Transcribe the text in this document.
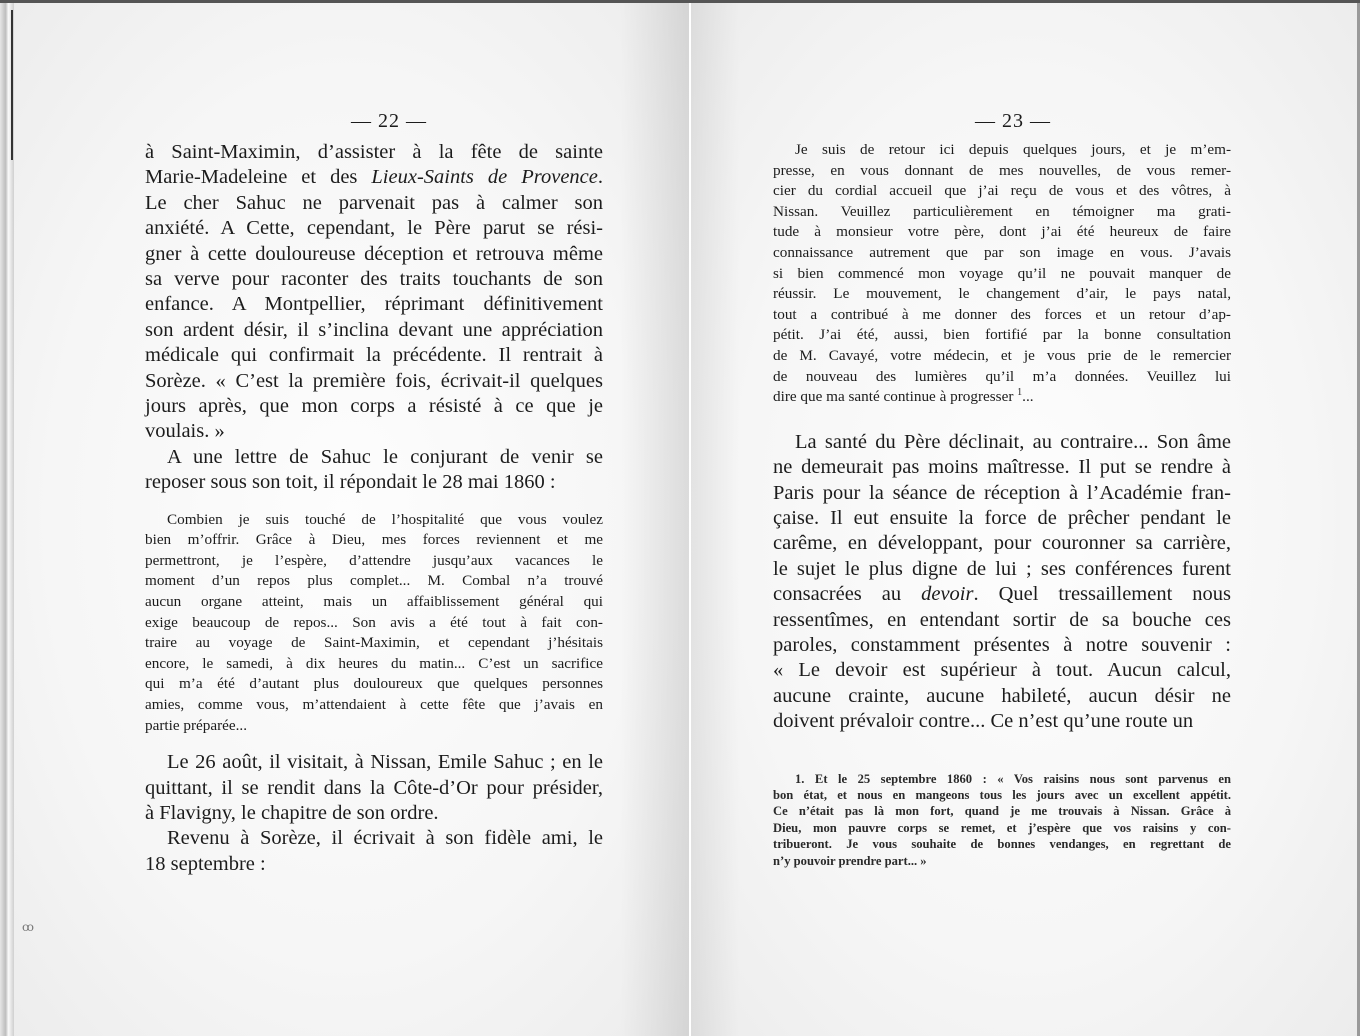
ꝏ
— 22 —
à Saint-Maximin, d’assister à la fête de sainte
Marie-Madeleine et des Lieux-Saints de Provence.
Le cher Sahuc ne parvenait pas à calmer son
anxiété. A Cette, cependant, le Père parut se rési-
gner à cette douloureuse déception et retrouva même
sa verve pour raconter des traits touchants de son
enfance. A Montpellier, réprimant définitivement
son ardent désir, il s’inclina devant une appréciation
médicale qui confirmait la précédente. Il rentrait à
Sorèze. « C’est la première fois, écrivait-il quelques
jours après, que mon corps a résisté à ce que je
voulais. »
A une lettre de Sahuc le conjurant de venir se
reposer sous son toit, il répondait le 28 mai 1860 :
Combien je suis touché de l’hospitalité que vous voulez
bien m’offrir. Grâce à Dieu, mes forces reviennent et me
permettront, je l’espère, d’attendre jusqu’aux vacances le
moment d’un repos plus complet... M. Combal n’a trouvé
aucun organe atteint, mais un affaiblissement général qui
exige beaucoup de repos... Son avis a été tout à fait con-
traire au voyage de Saint-Maximin, et cependant j’hésitais
encore, le samedi, à dix heures du matin... C’est un sacrifice
qui m’a été d’autant plus douloureux que quelques personnes
amies, comme vous, m’attendaient à cette fête que j’avais en
partie préparée...
Le 26 août, il visitait, à Nissan, Emile Sahuc ; en le
quittant, il se rendit dans la Côte-d’Or pour présider,
à Flavigny, le chapitre de son ordre.
Revenu à Sorèze, il écrivait à son fidèle ami, le
18 septembre :
— 23 —
Je suis de retour ici depuis quelques jours, et je m’em-
presse, en vous donnant de mes nouvelles, de vous remer-
cier du cordial accueil que j’ai reçu de vous et des vôtres, à
Nissan. Veuillez particulièrement en témoigner ma grati-
tude à monsieur votre père, dont j’ai été heureux de faire
connaissance autrement que par son image en vous. J’avais
si bien commencé mon voyage qu’il ne pouvait manquer de
réussir. Le mouvement, le changement d’air, le pays natal,
tout a contribué à me donner des forces et un retour d’ap-
pétit. J’ai été, aussi, bien fortifié par la bonne consultation
de M. Cavayé, votre médecin, et je vous prie de le remercier
de nouveau des lumières qu’il m’a données. Veuillez lui
dire que ma santé continue à progresser $^1$...
La santé du Père déclinait, au contraire... Son âme
ne demeurait pas moins maîtresse. Il put se rendre à
Paris pour la séance de réception à l’Académie fran-
çaise. Il eut ensuite la force de prêcher pendant le
carême, en développant, pour couronner sa carrière,
le sujet le plus digne de lui ; ses conférences furent
consacrées au devoir. Quel tressaillement nous
ressentîmes, en entendant sortir de sa bouche ces
paroles, constamment présentes à notre souvenir :
« Le devoir est supérieur à tout. Aucun calcul,
aucune crainte, aucune habileté, aucun désir ne
doivent prévaloir contre... Ce n’est qu’une route un
1. Et le 25 septembre 1860 : « Vos raisins nous sont parvenus en
bon état, et nous en mangeons tous les jours avec un excellent appétit.
Ce n’était pas là mon fort, quand je me trouvais à Nissan. Grâce à
Dieu, mon pauvre corps se remet, et j’espère que vos raisins y con-
tribueront. Je vous souhaite de bonnes vendanges, en regrettant de
n’y pouvoir prendre part... »
